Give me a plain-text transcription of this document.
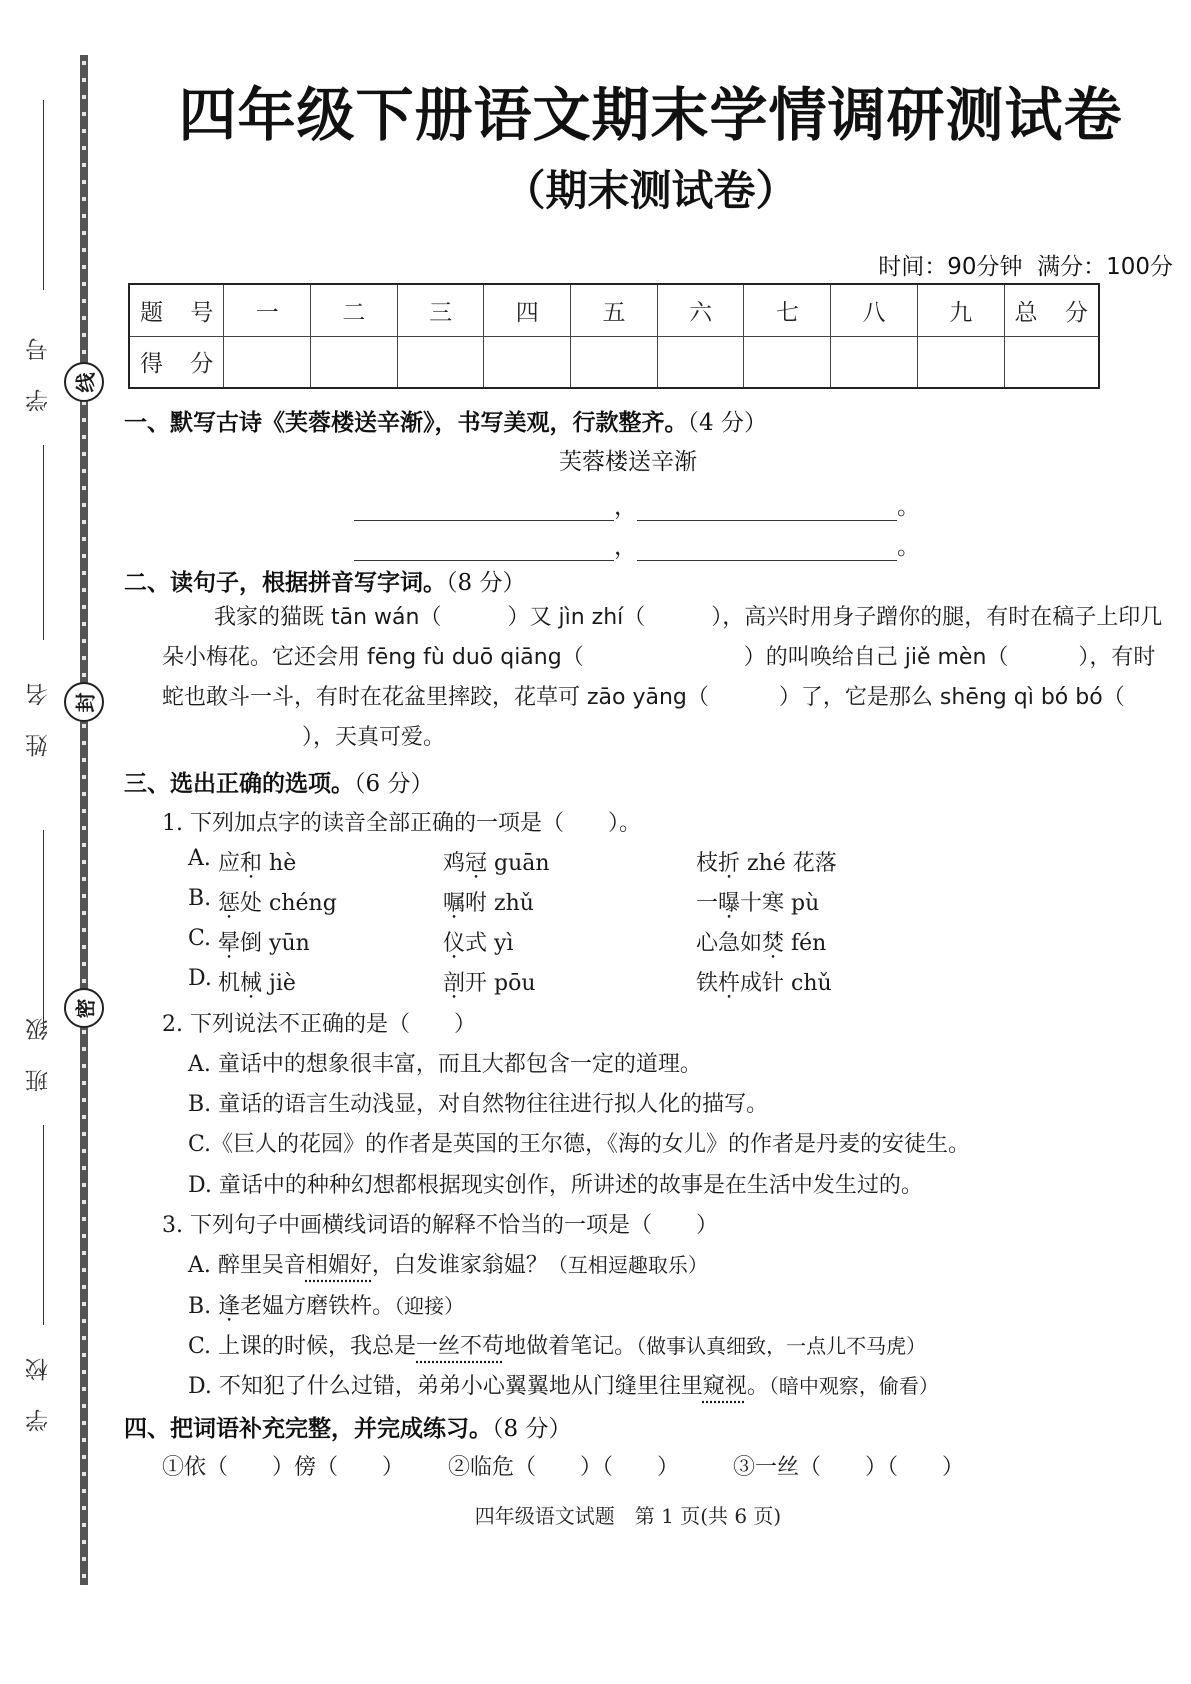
学号
姓名
班级
学校
线
封
密
四年级下册语文期末学情调研测试卷
（期末测试卷）
时间：90分钟 满分：100分
题　号	一	二	三	四	五	六	七	八	九	总　分
得　分										
一、默写古诗《芙蓉楼送辛渐》，书写美观，行款整齐。（4 分）
芙蓉楼送辛渐
，	。
，	。
二、读句子，根据拼音写字词。（8 分）
我家的猫既 tān wán（	）又 jìn zhí（	），高兴时用身子蹭你的腿，有时在稿子上印几朵小梅花。它还会用 fēng fù duō qiāng（	）的叫唤给自己 jiě mèn（	），有时蛇也敢斗一斗，有时在花盆里摔跤，花草可 zāo yāng（	）了，它是那么 shēng qì bó bó（），天真可爱。
三、选出正确的选项。（6 分）
1. 下列加点字的读音全部正确的一项是（　　）。
A. 应和 hè	鸡冠 guān	枝折 zhé 花落
B. 惩处 chéng	嘱咐 zhǔ	一曝十寒 pù
C. 晕倒 yūn	仪式 yì	心急如焚 fén
D. 机械 jiè	剖开 pōu	铁杵成针 chǔ
2. 下列说法不正确的是（　　）
A. 童话中的想象很丰富，而且大都包含一定的道理。
B. 童话的语言生动浅显，对自然物往往进行拟人化的描写。
C.《巨人的花园》的作者是英国的王尔德，《海的女儿》的作者是丹麦的安徒生。
D. 童话中的种种幻想都根据现实创作，所讲述的故事是在生活中发生过的。
3. 下列句子中画横线词语的解释不恰当的一项是（　　）
A. 醉里吴音相媚好，白发谁家翁媪？（互相逗趣取乐）
B. 逢老媪方磨铁杵。（迎接）
C. 上课的时候，我总是一丝不苟地做着笔记。（做事认真细致，一点儿不马虎）
D. 不知犯了什么过错，弟弟小心翼翼地从门缝里往里窥视。（暗中观察，偷看）
四、把词语补充完整，并完成练习。（8 分）
①依（　　）傍（　　） ②临危（　　）（　　） ③一丝（　　）（　　）
四年级语文试题　第 1 页(共 6 页)
